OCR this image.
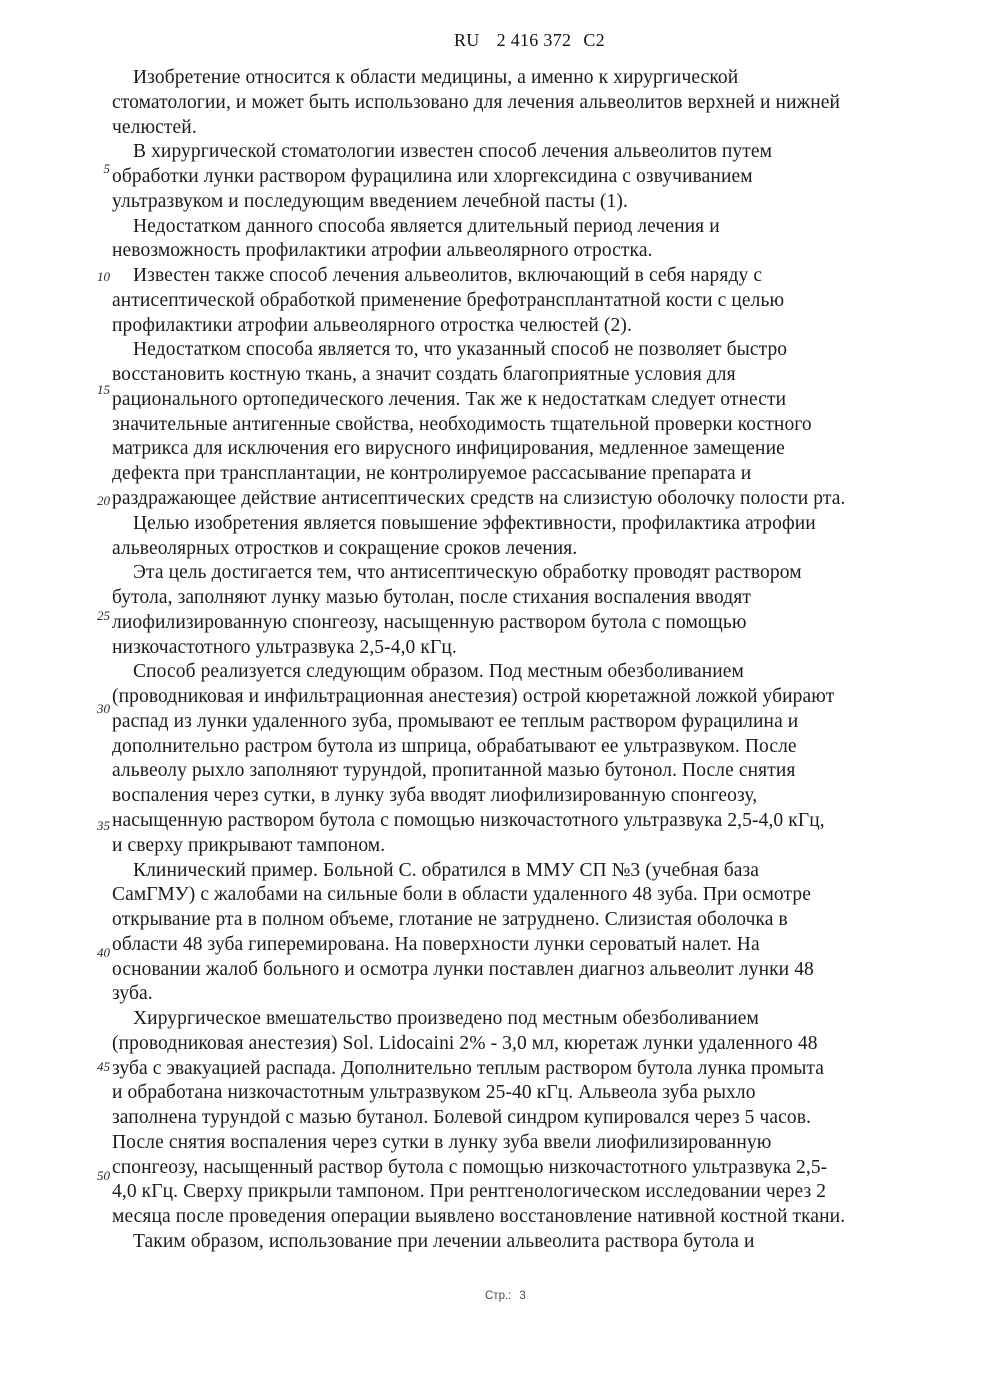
RU 2 416 372 C2
5
10
15
20
25
30
35
40
45
50
Изобретение относится к области медицины, а именно к хирургической
стоматологии, и может быть использовано для лечения альвеолитов верхней и нижней
челюстей.
В хирургической стоматологии известен способ лечения альвеолитов путем
обработки лунки раствором фурацилина или хлоргексидина с озвучиванием
ультразвуком и последующим введением лечебной пасты (1).
Недостатком данного способа является длительный период лечения и
невозможность профилактики атрофии альвеолярного отростка.
Известен также способ лечения альвеолитов, включающий в себя наряду с
антисептической обработкой применение брефотрансплантатной кости с целью
профилактики атрофии альвеолярного отростка челюстей (2).
Недостатком способа является то, что указанный способ не позволяет быстро
восстановить костную ткань, а значит создать благоприятные условия для
рационального ортопедического лечения. Так же к недостаткам следует отнести
значительные антигенные свойства, необходимость тщательной проверки костного
матрикса для исключения его вирусного инфицирования, медленное замещение
дефекта при трансплантации, не контролируемое рассасывание препарата и
раздражающее действие антисептических средств на слизистую оболочку полости рта.
Целью изобретения является повышение эффективности, профилактика атрофии
альвеолярных отростков и сокращение сроков лечения.
Эта цель достигается тем, что антисептическую обработку проводят раствором
бутола, заполняют лунку мазью бутолан, после стихания воспаления вводят
лиофилизированную спонгеозу, насыщенную раствором бутола с помощью
низкочастотного ультразвука 2,5-4,0 кГц.
Способ реализуется следующим образом. Под местным обезболиванием
(проводниковая и инфильтрационная анестезия) острой кюретажной ложкой убирают
распад из лунки удаленного зуба, промывают ее теплым раствором фурацилина и
дополнительно растром бутола из шприца, обрабатывают ее ультразвуком. После
альвеолу рыхло заполняют турундой, пропитанной мазью бутонол. После снятия
воспаления через сутки, в лунку зуба вводят лиофилизированную спонгеозу,
насыщенную раствором бутола с помощью низкочастотного ультразвука 2,5-4,0 кГц,
и сверху прикрывают тампоном.
Клинический пример. Больной С. обратился в ММУ СП №3 (учебная база
СамГМУ) с жалобами на сильные боли в области удаленного 48 зуба. При осмотре
открывание рта в полном объеме, глотание не затруднено. Слизистая оболочка в
области 48 зуба гиперемирована. На поверхности лунки сероватый налет. На
основании жалоб больного и осмотра лунки поставлен диагноз альвеолит лунки 48
зуба.
Хирургическое вмешательство произведено под местным обезболиванием
(проводниковая анестезия) Sol. Lidocaini 2% - 3,0 мл, кюретаж лунки удаленного 48
зуба с эвакуацией распада. Дополнительно теплым раствором бутола лунка промыта
и обработана низкочастотным ультразвуком 25-40 кГц. Альвеола зуба рыхло
заполнена турундой с мазью бутанол. Болевой синдром купировался через 5 часов.
После снятия воспаления через сутки в лунку зуба ввели лиофилизированную
спонгеозу, насыщенный раствор бутола с помощью низкочастотного ультразвука 2,5-
4,0 кГц. Сверху прикрыли тампоном. При рентгенологическом исследовании через 2
месяца после проведения операции выявлено восстановление нативной костной ткани.
Таким образом, использование при лечении альвеолита раствора бутола и
Стр.: 3
